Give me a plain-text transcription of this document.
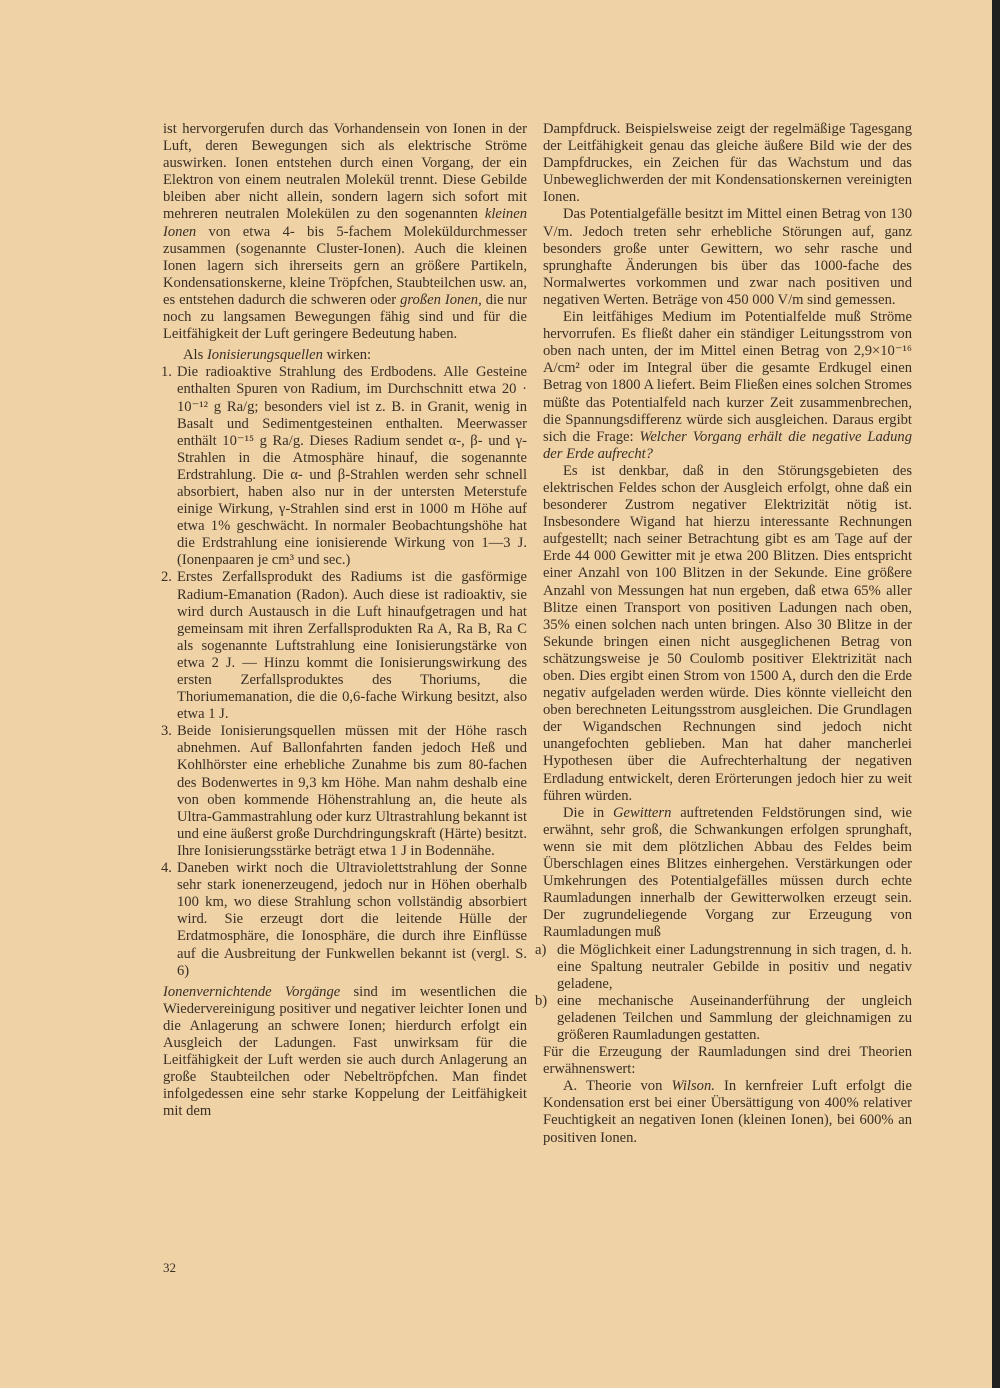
ist hervorgerufen durch das Vorhandensein von Ionen in der Luft, deren Bewegungen sich als elektrische Ströme auswirken. Ionen entstehen durch einen Vorgang, der ein Elektron von einem neutralen Molekül trennt. Diese Gebilde bleiben aber nicht allein, sondern lagern sich sofort mit mehreren neutralen Molekülen zu den sogenannten kleinen Ionen von etwa 4- bis 5-fachem Moleküldurchmesser zusammen (sogenannte Cluster-Ionen). Auch die kleinen Ionen lagern sich ihrerseits gern an größere Partikeln, Kondensationskerne, kleine Tröpfchen, Staubteilchen usw. an, es entstehen dadurch die schweren oder großen Ionen, die nur noch zu langsamen Bewegungen fähig sind und für die Leitfähigkeit der Luft geringere Bedeutung haben.

Als Ionisierungsquellen wirken:

1. Die radioaktive Strahlung des Erdbodens. Alle Gesteine enthalten Spuren von Radium, im Durchschnitt etwa 20 · 10⁻¹² g Ra/g; besonders viel ist z. B. in Granit, wenig in Basalt und Sedimentgesteinen enthalten. Meerwasser enthält 10⁻¹⁵ g Ra/g. Dieses Radium sendet α-, β- und γ-Strahlen in die Atmosphäre hinauf, die sogenannte Erdstrahlung. Die α- und β-Strahlen werden sehr schnell absorbiert, haben also nur in der untersten Meterstufe einige Wirkung, γ-Strahlen sind erst in 1000 m Höhe auf etwa 1% geschwächt. In normaler Beobachtungshöhe hat die Erdstrahlung eine ionisierende Wirkung von 1—3 J. (Ionenpaaren je cm³ und sec.)

2. Erstes Zerfallsprodukt des Radiums ist die gasförmige Radium-Emanation (Radon). Auch diese ist radioaktiv, sie wird durch Austausch in die Luft hinaufgetragen und hat gemeinsam mit ihren Zerfallsprodukten Ra A, Ra B, Ra C als sogenannte Luftstrahlung eine Ionisierungstärke von etwa 2 J. — Hinzu kommt die Ionisierungswirkung des ersten Zerfallsproduktes des Thoriums, die Thoriumemanation, die die 0,6-fache Wirkung besitzt, also etwa 1 J.

3. Beide Ionisierungsquellen müssen mit der Höhe rasch abnehmen. Auf Ballonfahrten fanden jedoch Heß und Kohlhörster eine erhebliche Zunahme bis zum 80-fachen des Bodenwertes in 9,3 km Höhe. Man nahm deshalb eine von oben kommende Höhenstrahlung an, die heute als Ultra-Gammastrahlung oder kurz Ultrastrahlung bekannt ist und eine äußerst große Durchdringungskraft (Härte) besitzt. Ihre Ionisierungsstärke beträgt etwa 1 J in Bodennähe.

4. Daneben wirkt noch die Ultraviolettstrahlung der Sonne sehr stark ionenerzeugend, jedoch nur in Höhen oberhalb 100 km, wo diese Strahlung schon vollständig absorbiert wird. Sie erzeugt dort die leitende Hülle der Erdatmosphäre, die Ionosphäre, die durch ihre Einflüsse auf die Ausbreitung der Funkwellen bekannt ist (vergl. S. 6)

Ionenvernichtende Vorgänge sind im wesentlichen die Wiedervereinigung positiver und negativer leichter Ionen und die Anlagerung an schwere Ionen; hierdurch erfolgt ein Ausgleich der Ladungen. Fast unwirksam für die Leitfähigkeit der Luft werden sie auch durch Anlagerung an große Staubteilchen oder Nebeltröpfchen. Man findet infolgedessen eine sehr starke Koppelung der Leitfähigkeit mit dem

Dampfdruck. Beispielsweise zeigt der regelmäßige Tagesgang der Leitfähigkeit genau das gleiche äußere Bild wie der des Dampfdruckes, ein Zeichen für das Wachstum und das Unbeweglichwerden der mit Kondensationskernen vereinigten Ionen.

Das Potentialgefälle besitzt im Mittel einen Betrag von 130 V/m. Jedoch treten sehr erhebliche Störungen auf, ganz besonders große unter Gewittern, wo sehr rasche und sprunghafte Änderungen bis über das 1000-fache des Normalwertes vorkommen und zwar nach positiven und negativen Werten. Beträge von 450 000 V/m sind gemessen.

Ein leitfähiges Medium im Potentialfelde muß Ströme hervorrufen. Es fließt daher ein ständiger Leitungsstrom von oben nach unten, der im Mittel einen Betrag von 2,9×10⁻¹⁶ A/cm² oder im Integral über die gesamte Erdkugel einen Betrag von 1800 A liefert. Beim Fließen eines solchen Stromes müßte das Potentialfeld nach kurzer Zeit zusammenbrechen, die Spannungsdifferenz würde sich ausgleichen. Daraus ergibt sich die Frage: Welcher Vorgang erhält die negative Ladung der Erde aufrecht?

Es ist denkbar, daß in den Störungsgebieten des elektrischen Feldes schon der Ausgleich erfolgt, ohne daß ein besonderer Zustrom negativer Elektrizität nötig ist. Insbesondere Wigand hat hierzu interessante Rechnungen aufgestellt; nach seiner Betrachtung gibt es am Tage auf der Erde 44 000 Gewitter mit je etwa 200 Blitzen. Dies entspricht einer Anzahl von 100 Blitzen in der Sekunde. Eine größere Anzahl von Messungen hat nun ergeben, daß etwa 65% aller Blitze einen Transport von positiven Ladungen nach oben, 35% einen solchen nach unten bringen. Also 30 Blitze in der Sekunde bringen einen nicht ausgeglichenen Betrag von schätzungsweise je 50 Coulomb positiver Elektrizität nach oben. Dies ergibt einen Strom von 1500 A, durch den die Erde negativ aufgeladen werden würde. Dies könnte vielleicht den oben berechneten Leitungsstrom ausgleichen. Die Grundlagen der Wigandschen Rechnungen sind jedoch nicht unangefochten geblieben. Man hat daher mancherlei Hypothesen über die Aufrechterhaltung der negativen Erdladung entwickelt, deren Erörterungen jedoch hier zu weit führen würden.

Die in Gewittern auftretenden Feldstörungen sind, wie erwähnt, sehr groß, die Schwankungen erfolgen sprunghaft, wenn sie mit dem plötzlichen Abbau des Feldes beim Überschlagen eines Blitzes einhergehen. Verstärkungen oder Umkehrungen des Potentialgefälles müssen durch echte Raumladungen innerhalb der Gewitterwolken erzeugt sein. Der zugrundeliegende Vorgang zur Erzeugung von Raumladungen muß

a) die Möglichkeit einer Ladungstrennung in sich tragen, d. h. eine Spaltung neutraler Gebilde in positiv und negativ geladene,

b) eine mechanische Auseinanderführung der ungleich geladenen Teilchen und Sammlung der gleichnamigen zu größeren Raumladungen gestatten.

Für die Erzeugung der Raumladungen sind drei Theorien erwähnenswert:

A. Theorie von Wilson. In kernfreier Luft erfolgt die Kondensation erst bei einer Übersättigung von 400% relativer Feuchtigkeit an negativen Ionen (kleinen Ionen), bei 600% an positiven Ionen.

32
